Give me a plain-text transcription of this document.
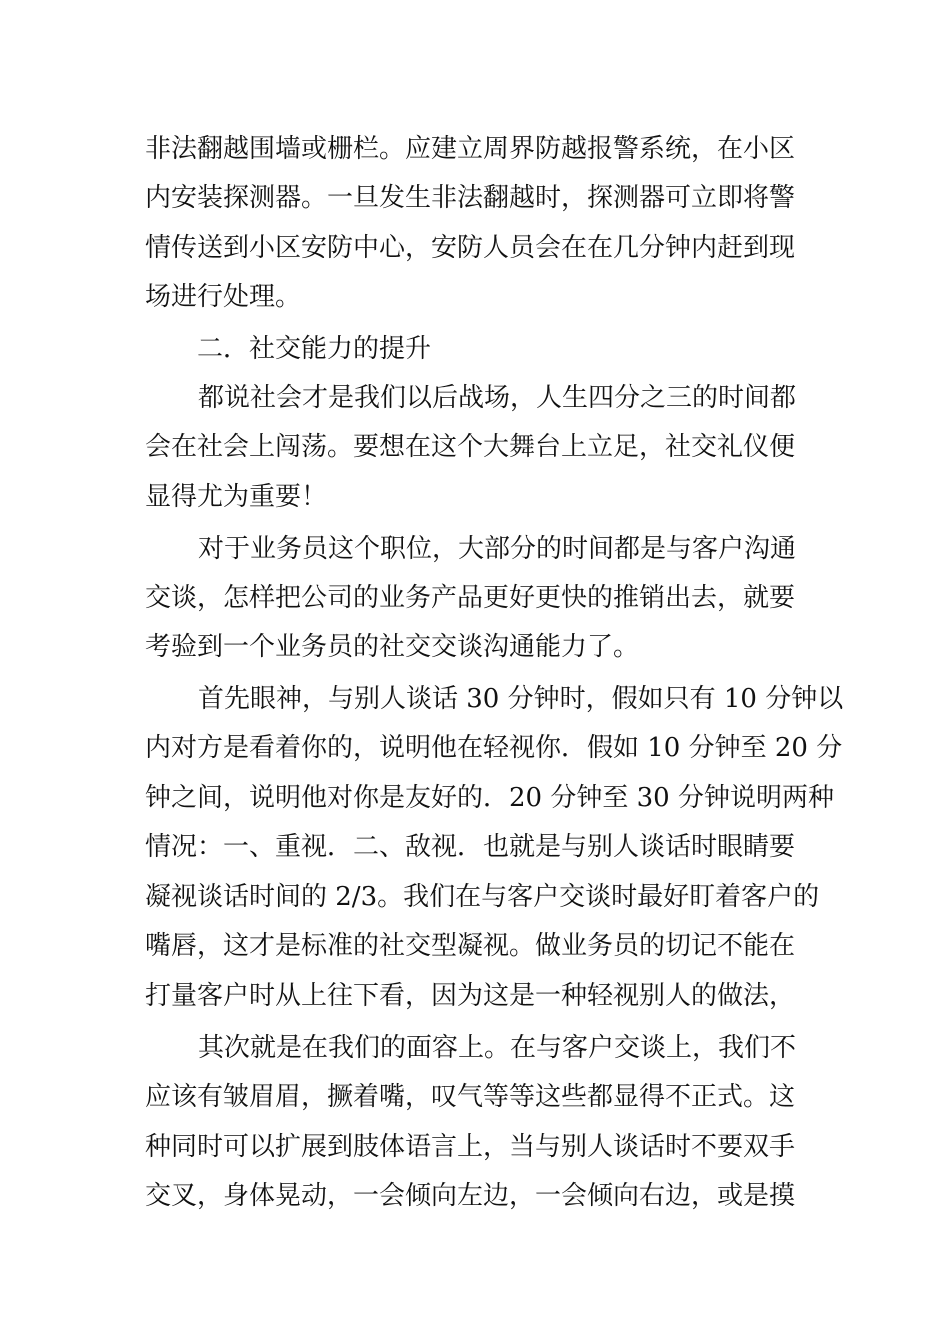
非法翻越围墙或栅栏。应建立周界防越报警系统，在小区
内安装探测器。一旦发生非法翻越时，探测器可立即将警
情传送到小区安防中心，安防人员会在在几分钟内赶到现
场进行处理。
二．社交能力的提升
都说社会才是我们以后战场，人生四分之三的时间都
会在社会上闯荡。要想在这个大舞台上立足，社交礼仪便
显得尤为重要！
对于业务员这个职位，大部分的时间都是与客户沟通
交谈，怎样把公司的业务产品更好更快的推销出去，就要
考验到一个业务员的社交交谈沟通能力了。
首先眼神，与别人谈话 30 分钟时，假如只有 10 分钟以
内对方是看着你的，说明他在轻视你．假如 10 分钟至 20 分
钟之间，说明他对你是友好的．20 分钟至 30 分钟说明两种
情况：一、重视．二、敌视．也就是与别人谈话时眼睛要
凝视谈话时间的 2/3。我们在与客户交谈时最好盯着客户的
嘴唇，这才是标准的社交型凝视。做业务员的切记不能在
打量客户时从上往下看，因为这是一种轻视别人的做法，
其次就是在我们的面容上。在与客户交谈上，我们不
应该有皱眉眉，撅着嘴，叹气等等这些都显得不正式。这
种同时可以扩展到肢体语言上，当与别人谈话时不要双手
交叉，身体晃动，一会倾向左边，一会倾向右边，或是摸
